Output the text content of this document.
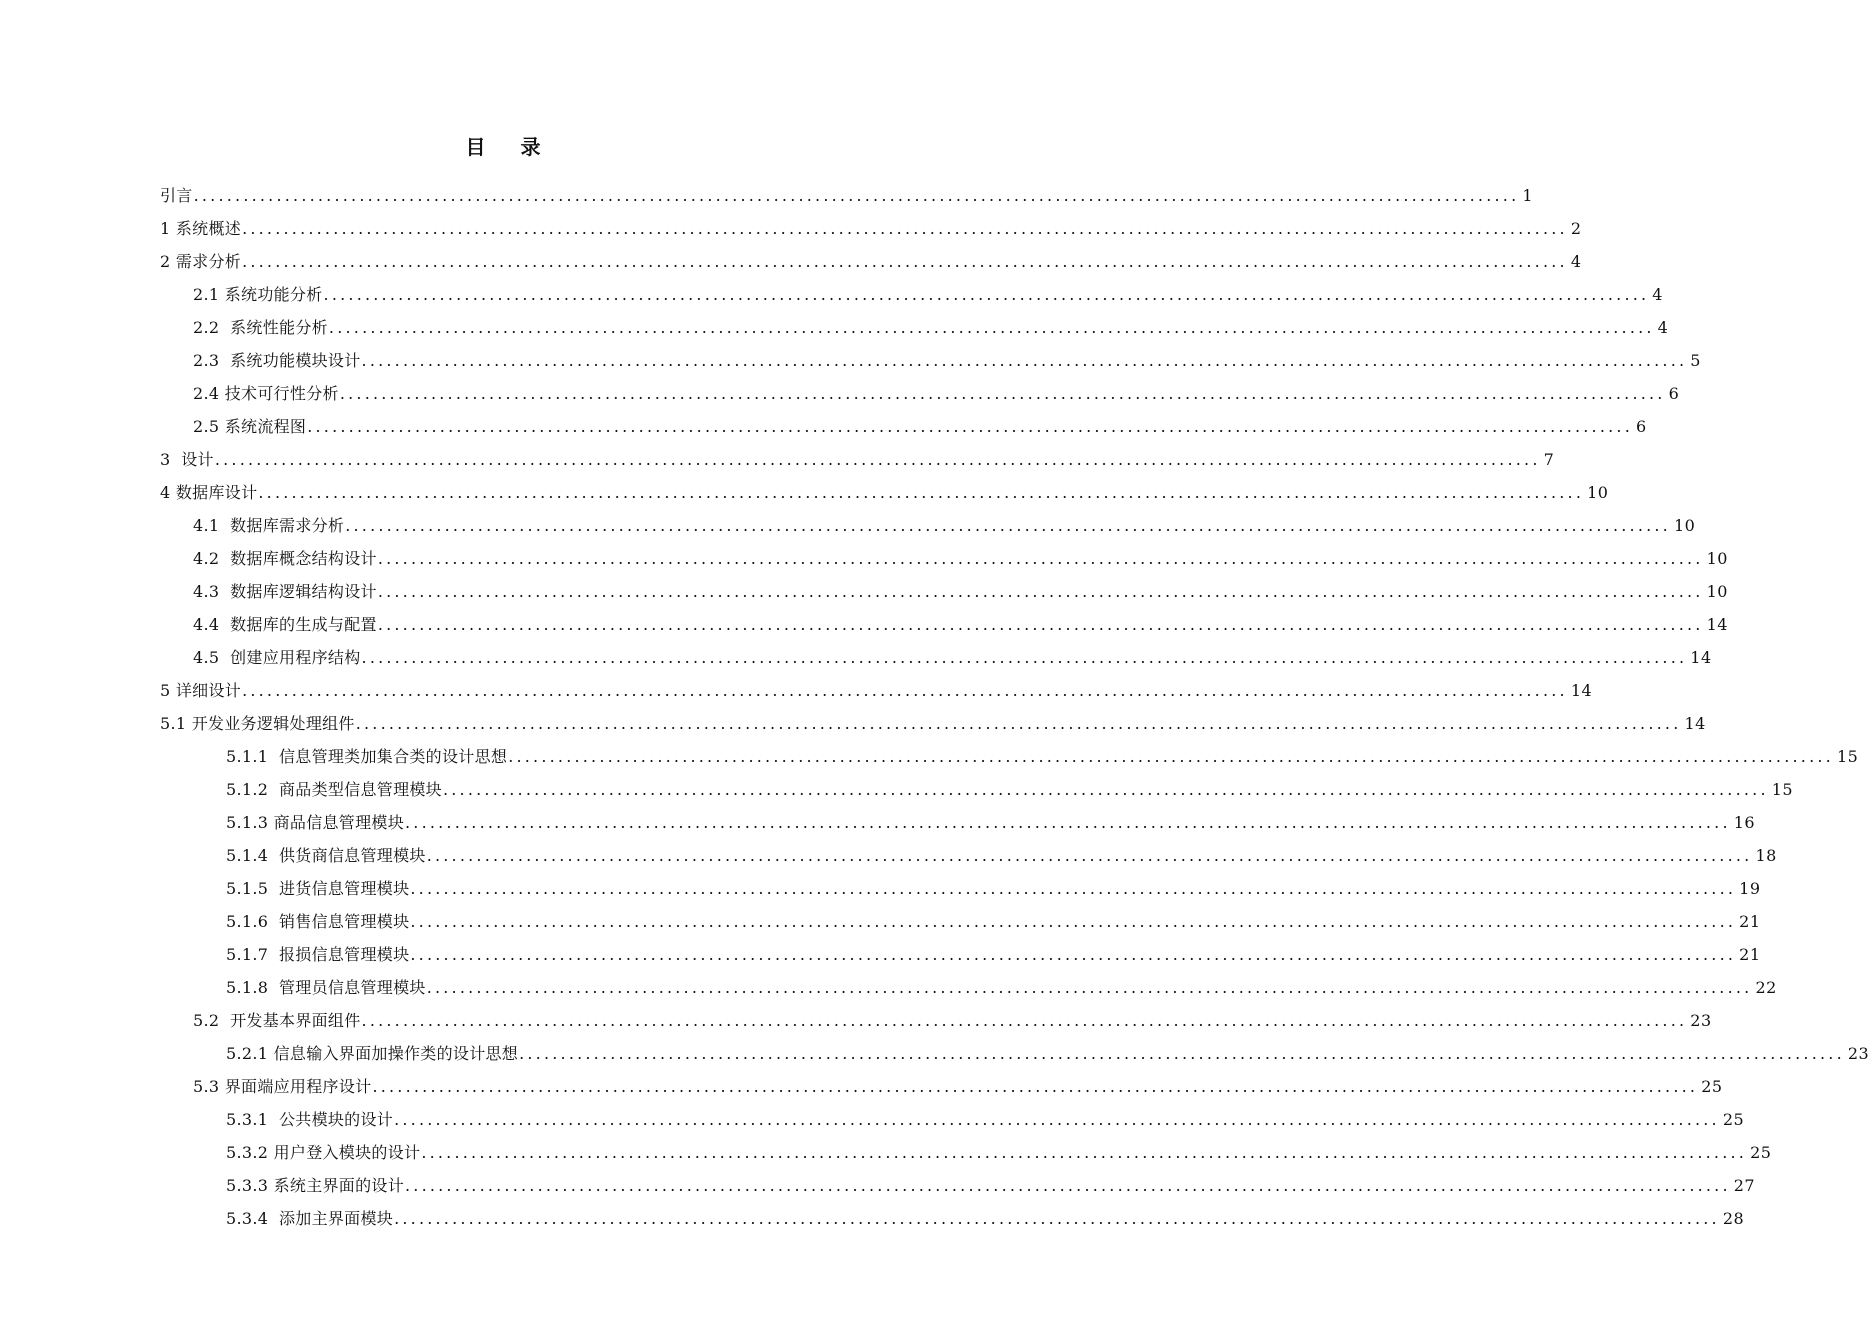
目 录
引言 ................................................................................................................................................................ 1
1 系统概述 ................................................................................................................................................................ 2
2 需求分析 ................................................................................................................................................................ 4
2.1 系统功能分析 ................................................................................................................................................................ 4
2.2  系统性能分析 ................................................................................................................................................................ 4
2.3  系统功能模块设计 ................................................................................................................................................................ 5
2.4 技术可行性分析 ................................................................................................................................................................ 6
2.5 系统流程图 ................................................................................................................................................................ 6
3  设计 ................................................................................................................................................................ 7
4 数据库设计 ................................................................................................................................................................ 10
4.1  数据库需求分析 ................................................................................................................................................................ 10
4.2  数据库概念结构设计 ................................................................................................................................................................ 10
4.3  数据库逻辑结构设计 ................................................................................................................................................................ 10
4.4  数据库的生成与配置 ................................................................................................................................................................ 14
4.5  创建应用程序结构 ................................................................................................................................................................ 14
5 详细设计 ................................................................................................................................................................ 14
5.1 开发业务逻辑处理组件 ................................................................................................................................................................ 14
5.1.1  信息管理类加集合类的设计思想 ................................................................................................................................................................ 15
5.1.2  商品类型信息管理模块 ................................................................................................................................................................ 15
5.1.3 商品信息管理模块 ................................................................................................................................................................ 16
5.1.4  供货商信息管理模块 ................................................................................................................................................................ 18
5.1.5  进货信息管理模块 ................................................................................................................................................................ 19
5.1.6  销售信息管理模块 ................................................................................................................................................................ 21
5.1.7  报损信息管理模块 ................................................................................................................................................................ 21
5.1.8  管理员信息管理模块 ................................................................................................................................................................ 22
5.2  开发基本界面组件 ................................................................................................................................................................ 23
5.2.1 信息输入界面加操作类的设计思想 ................................................................................................................................................................ 23
5.3 界面端应用程序设计 ................................................................................................................................................................ 25
5.3.1  公共模块的设计 ................................................................................................................................................................ 25
5.3.2 用户登入模块的设计 ................................................................................................................................................................ 25
5.3.3 系统主界面的设计 ................................................................................................................................................................ 27
5.3.4  添加主界面模块 ................................................................................................................................................................ 28
